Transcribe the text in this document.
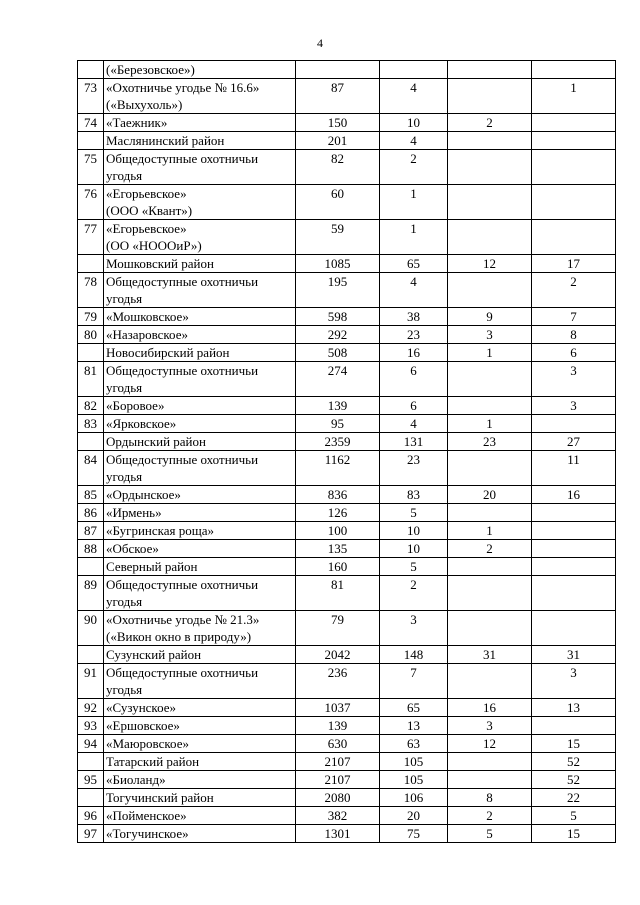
4

	(«Березовское»)				

73	«Охотничье угодье № 16.6»
(«Выхухоль»)	87	4		1
74	«Таежник»	150	10	2	

	Маслянинский район	201	4		
75	Общедоступные охотничьи
угодья	82	2		
76	«Егорьевское»
(ООО «Квант»)	60	1		
77	«Егорьевское»
(ОО «НОООиР»)	59	1		

	Мошковский район	1085	65	12	17
78	Общедоступные охотничьи
угодья	195	4		2
79	«Мошковское»	598	38	9	7
80	«Назаровское»	292	23	3	8

	Новосибирский район	508	16	1	6
81	Общедоступные охотничьи
угодья	274	6		3
82	«Боровое»	139	6		3
83	«Ярковское»	95	4	1	

	Ордынский район	2359	131	23	27
84	Общедоступные охотничьи
угодья	1162	23		11
85	«Ордынское»	836	83	20	16
86	«Ирмень»	126	5		
87	«Бугринская роща»	100	10	1	
88	«Обское»	135	10	2	

	Северный район	160	5		
89	Общедоступные охотничьи
угодья	81	2		
90	«Охотничье угодье № 21.3»
(«Викон окно в природу»)	79	3		

	Сузунский район	2042	148	31	31
91	Общедоступные охотничьи
угодья	236	7		3
92	«Сузунское»	1037	65	16	13
93	«Ершовское»	139	13	3	
94	«Маюровское»	630	63	12	15

	Татарский район	2107	105		52
95	«Биоланд»	2107	105		52

	Тогучинский район	2080	106	8	22
96	«Пойменское»	382	20	2	5
97	«Тогучинское»	1301	75	5	15
